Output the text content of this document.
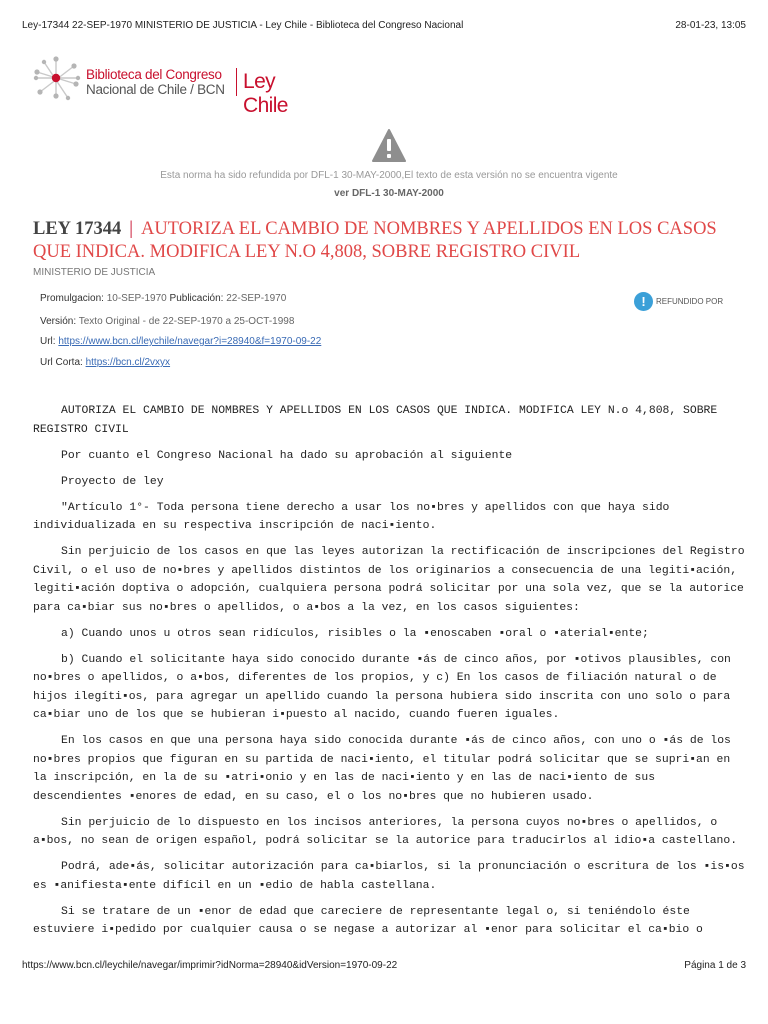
Ley-17344 22-SEP-1970 MINISTERIO DE JUSTICIA - Ley Chile - Biblioteca del Congreso Nacional	28-01-23, 13:05
Biblioteca del Congreso
Nacional de Chile / BCN Ley Chile
Esta norma ha sido refundida por DFL-1 30-MAY-2000,El texto de esta versión no se encuentra vigente
ver DFL-1 30-MAY-2000
LEY 17344 | AUTORIZA EL CAMBIO DE NOMBRES Y APELLIDOS EN LOS CASOS QUE INDICA. MODIFICA LEY N.O 4,808, SOBRE REGISTRO CIVIL
MINISTERIO DE JUSTICIA
Promulgacion: 10-SEP-1970 Publicación: 22-SEP-1970
Versión: Texto Original - de 22-SEP-1970 a 25-OCT-1998
Url: https://www.bcn.cl/leychile/navegar?i=28940&f=1970-09-22
Url Corta: https://bcn.cl/2vxyx
!	REFUNDIDO POR

AUTORIZA EL CAMBIO DE NOMBRES Y APELLIDOS EN LOS CASOS QUE INDICA. MODIFICA LEY N.o 4,808, SOBRE REGISTRO CIVIL

Por cuanto el Congreso Nacional ha dado su aprobación al siguiente

Proyecto de ley

"Artículo 1°- Toda persona tiene derecho a usar los no▪bres y apellidos con que haya sido individualizada en su respectiva inscripción de naci▪iento.

Sin perjuicio de los casos en que las leyes autorizan la rectificación de inscripciones del Registro Civil, o el uso de no▪bres y apellidos distintos de los originarios a consecuencia de una legiti▪ación, legiti▪ación doptiva o adopción, cualquiera persona podrá solicitar por una sola vez, que se la autorice para ca▪biar sus no▪bres o apellidos, o a▪bos a la vez, en los casos siguientes:

a) Cuando unos u otros sean ridículos, risibles o la ▪enoscaben ▪oral o ▪aterial▪ente;

b) Cuando el solicitante haya sido conocido durante ▪ás de cinco años, por ▪otivos plausibles, con no▪bres o apellidos, o a▪bos, diferentes de los propios, y c) En los casos de filiación natural o de hijos ilegíti▪os, para agregar un apellido cuando la persona hubiera sido inscrita con uno solo o para ca▪biar uno de los que se hubieran i▪puesto al nacido, cuando fueren iguales.

En los casos en que una persona haya sido conocida durante ▪ás de cinco años, con uno o ▪ás de los no▪bres propios que figuran en su partida de naci▪iento, el titular podrá solicitar que se supri▪an en la inscripción, en la de su ▪atri▪onio y en las de naci▪iento y en las de naci▪iento de sus descendientes ▪enores de edad, en su caso, el o los no▪bres que no hubieren usado.

Sin perjuicio de lo dispuesto en los incisos anteriores, la persona cuyos no▪bres o apellidos, o a▪bos, no sean de origen español, podrá solicitar se la autorice para traducirlos al idio▪a castellano.

Podrá, ade▪ás, solicitar autorización para ca▪biarlos, si la pronunciación o escritura de los ▪is▪os es ▪anifiesta▪ente difícil en un ▪edio de habla castellana.

Si se tratare de un ▪enor de edad que careciere de representante legal o, si teniéndolo éste estuviere i▪pedido por cualquier causa o se negase a autorizar al ▪enor para solicitar el ca▪bio o

https://www.bcn.cl/leychile/navegar/imprimir?idNorma=28940&idVersion=1970-09-22	Página 1 de 3
